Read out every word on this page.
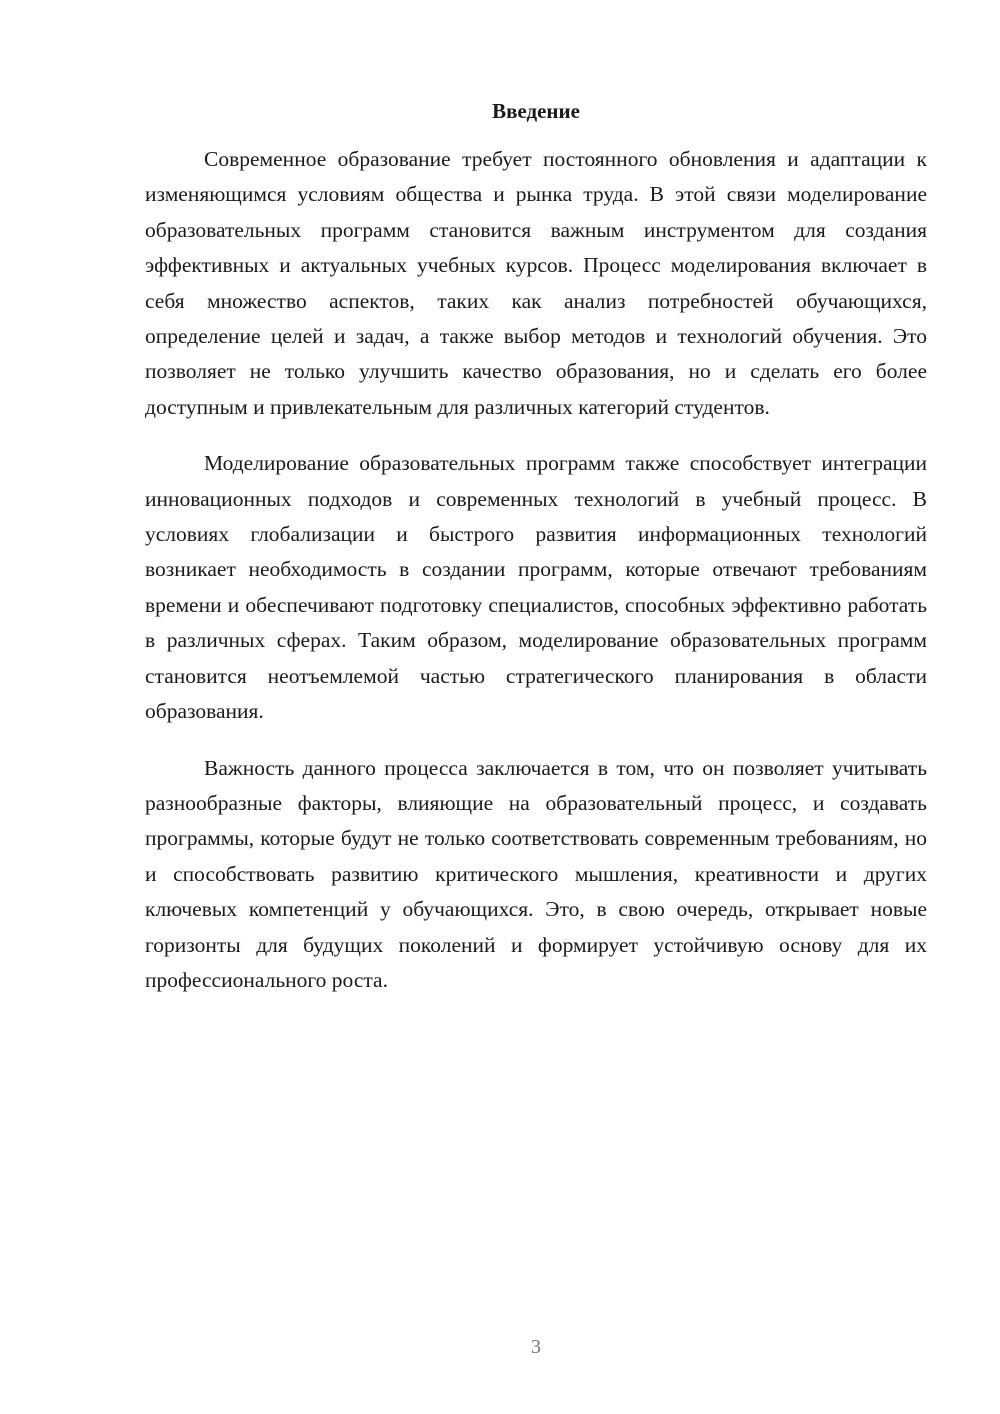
Введение

Современное образование требует постоянного обновления и адаптации к изменяющимся условиям общества и рынка труда. В этой связи моделирование образовательных программ становится важным инструментом для создания эффективных и актуальных учебных курсов. Процесс моделирования включает в себя множество аспектов, таких как анализ потребностей обучающихся, определение целей и задач, а также выбор методов и технологий обучения. Это позволяет не только улучшить качество образования, но и сделать его более доступным и привлекательным для различных категорий студентов.

Моделирование образовательных программ также способствует интеграции инновационных подходов и современных технологий в учебный процесс. В условиях глобализации и быстрого развития информационных технологий возникает необходимость в создании программ, которые отвечают требованиям времени и обеспечивают подготовку специалистов, способных эффективно работать в различных сферах. Таким образом, моделирование образовательных программ становится неотъемлемой частью стратегического планирования в области образования.

Важность данного процесса заключается в том, что он позволяет учитывать разнообразные факторы, влияющие на образовательный процесс, и создавать программы, которые будут не только соответствовать современным требованиям, но и способствовать развитию критического мышления, креативности и других ключевых компетенций у обучающихся. Это, в свою очередь, открывает новые горизонты для будущих поколений и формирует устойчивую основу для их профессионального роста.

3
